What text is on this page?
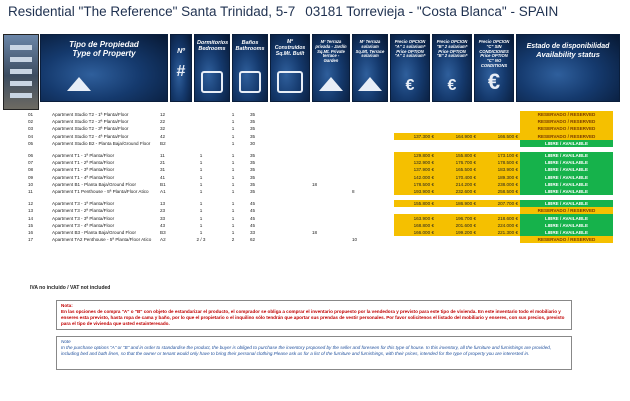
Residential "The Reference" Santa Trinidad, 5-7 03181 Torrevieja - "Costa Blanca" - SPAIN
Tipo de Propiedad
Type of Property	Nº
#
Dormitorios
Bedrooms
Baños
Bathrooms
M² Construidos
Sq.Mt. Built
M² Terraza privada - Jardín
Sq.Mt. Private terrace - Garden
M² Terraza solarium
Sq.Mt. Terrace solarium
Precio OPCION "A" 1 solarium*
Price OPTION "A" 1 solarium*
€
Precio OPCION "B" 2 solarium*
Price OPTION "B" 2 solarium*
€
Precio OPCION "C" SIN CONDICIONES
Price OPTION "C" NO CONDITIONS
€
Estado de disponibilidad
Availability status
01	Apartment Studio T2 - 1ª Planta/Floor	12		1	35						RESERVADO / RESERVED
02	Apartment Studio T2 - 2ª Planta/Floor	22		1	35						RESERVADO / RESERVED
03	Apartment Studio T2 - 3ª Planta/Floor	32		1	35						RESERVADO / RESERVED
04	Apartment Studio T2 - 4ª Planta/Floor	42		1	35			137.300 €	164.900 €	166.500 €	RESERVADO / RESERVED
05	Apartment Studio B2 - Planta Baja/Ground Floor	B2		1	30						LIBRE / AVAILABLE

06	Apartment T1 - 1ª Planta/Floor	11	1	1	35			129.800 €	155.800 €	173.100 €	LIBRE / AVAILABLE
07	Apartment T1 - 2ª Planta/Floor	21	1	1	35			132.900 €	176.700 €	178.500 €	LIBRE / AVAILABLE
08	Apartment T1 - 3ª Planta/Floor	31	1	1	35			137.900 €	165.500 €	183.900 €	LIBRE / AVAILABLE
09	Apartment T1 - 4ª Planta/Floor	41	1	1	35			142.000 €	170.400 €	189.300 €	LIBRE / AVAILABLE
10	Apartment B1 - Planta Baja/Ground Floor	B1	1	1	35	18		178.500 €	214.200 €	238.000 €	LIBRE / AVAILABLE
11	Apartment T1 Penthouse - 5ª Planta/Floor Atico	A1	1	1	35		8	193.900 €	232.600 €	258.500 €	LIBRE / AVAILABLE

12	Apartment T3 - 1ª Planta/Floor	13	1	1	45			155.800 €	186.900 €	207.700 €	LIBRE / AVAILABLE
13	Apartment T3 - 2ª Planta/Floor	23	1	1	45						RESERVADO / RESERVED
14	Apartment T3 - 3ª Planta/Floor	33	1	1	45			163.900 €	196.700 €	218.600 €	LIBRE / AVAILABLE
15	Apartment T3 - 4ª Planta/Floor	43	1	1	45			168.800 €	201.600 €	224.000 €	LIBRE / AVAILABLE
16	Apartment B3 - Planta Baja/Ground Floor	B3	1	1	33	18		166.000 €	199.200 €	221.300 €	LIBRE / AVAILABLE
17	Apartment TA2 Penthouse - 5ª Planta/Floor Atico	A2	2 / 3	2	62		10				RESERVADO / RESERVED
IVA no incluido / VAT not included
Nota:
En las opciones de compra "A" o "B" con objeto de estandarizar el producto, el comprador se obliga a comprar el inventario propuesto por la vendedora y previsto para este tipo de vivienda. En este inventario todo el mobiliario y enseres esta previsto, hasta ropa de cama y baño, por lo que el propietario o el inquilino sólo tendrán que aportar sus prendas de vestir personales. Por favor solicitenos el listado del mobiliario y enseres, con sus precios, previsto para el tipo de vivienda que usted estainteresado.
Note
In the purchase options "A" or "B" and in order to standardise the product, the buyer is obliged to purchase the inventory proposed by the seller and foreseen for this type of house. In this inventory, all the furniture and furnishings are provided, including bed and bath linen, so that the owner or tenant would only have to bring their personal clothing.Please ask us for a list of the furniture and furnishings, with their prices, intended for the type of property you are interested in.
